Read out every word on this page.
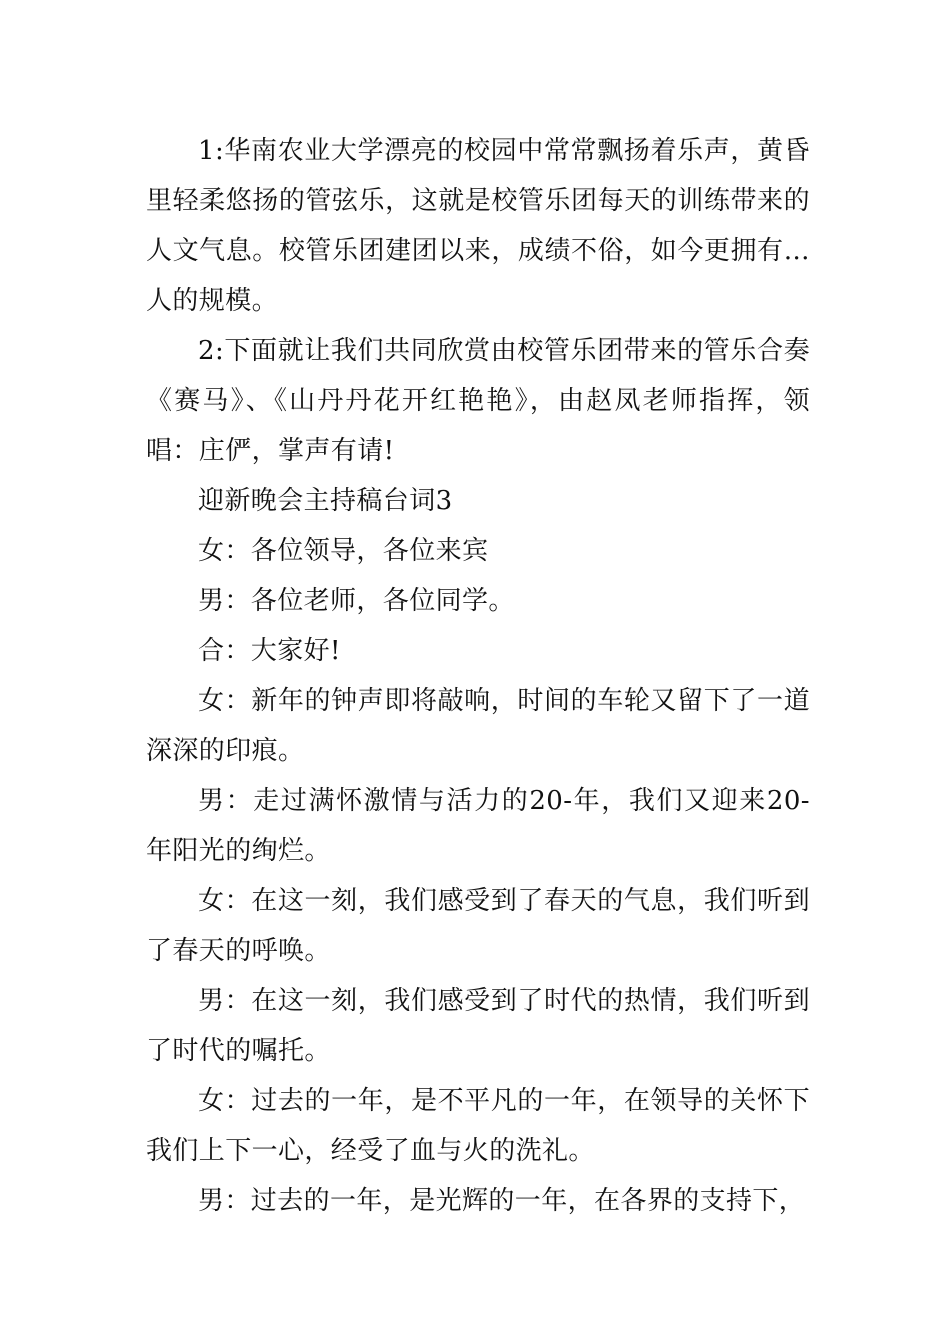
1:华南农业大学漂亮的校园中常常飘扬着乐声，黄昏里轻柔悠扬的管弦乐，这就是校管乐团每天的训练带来的人文气息。校管乐团建团以来，成绩不俗，如今更拥有…人的规模。

2:下面就让我们共同欣赏由校管乐团带来的管乐合奏《赛马》、《山丹丹花开红艳艳》，由赵凤老师指挥，领唱：庄俨，掌声有请!

迎新晚会主持稿台词3

女：各位领导，各位来宾

男：各位老师，各位同学。

合：大家好!

女：新年的钟声即将敲响，时间的车轮又留下了一道深深的印痕。

男：走过满怀激情与活力的20-年，我们又迎来20-年阳光的绚烂。

女：在这一刻，我们感受到了春天的气息，我们听到了春天的呼唤。

男：在这一刻，我们感受到了时代的热情，我们听到了时代的嘱托。

女：过去的一年，是不平凡的一年，在领导的关怀下我们上下一心，经受了血与火的洗礼。

男：过去的一年，是光辉的一年，在各界的支持下，
